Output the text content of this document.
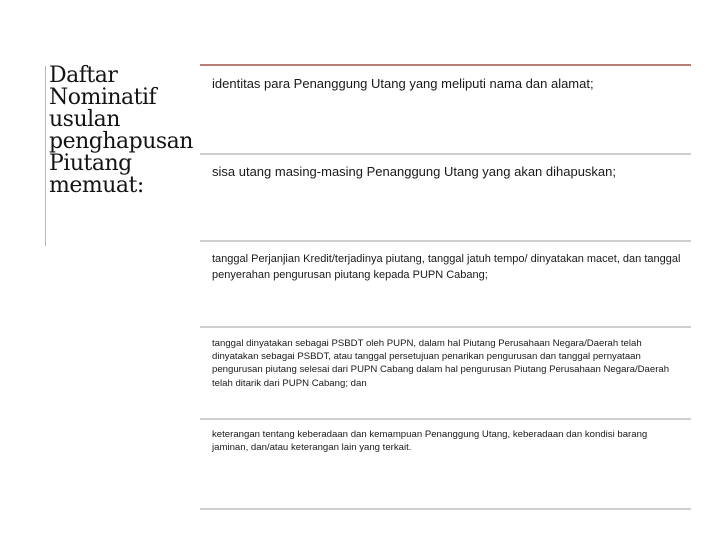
Daftar
Nominatif
usulan
penghapusan
Piutang
memuat:
identitas para Penanggung Utang yang meliputi nama dan alamat;
sisa utang masing-masing Penanggung Utang yang akan dihapuskan;
tanggal Perjanjian Kredit/terjadinya piutang, tanggal jatuh tempo/ dinyatakan macet, dan tanggal penyerahan pengurusan piutang kepada PUPN Cabang;
tanggal dinyatakan sebagai PSBDT oleh PUPN, dalam hal Piutang Perusahaan Negara/Daerah telah dinyatakan sebagai PSBDT, atau tanggal persetujuan penarikan pengurusan dan tanggal pernyataan pengurusan piutang selesai dari PUPN Cabang dalam hal pengurusan Piutang Perusahaan Negara/Daerah telah ditarik dari PUPN Cabang; dan
keterangan tentang keberadaan dan kemampuan Penanggung Utang, keberadaan dan kondisi barang jaminan, dan/atau keterangan lain yang terkait.
